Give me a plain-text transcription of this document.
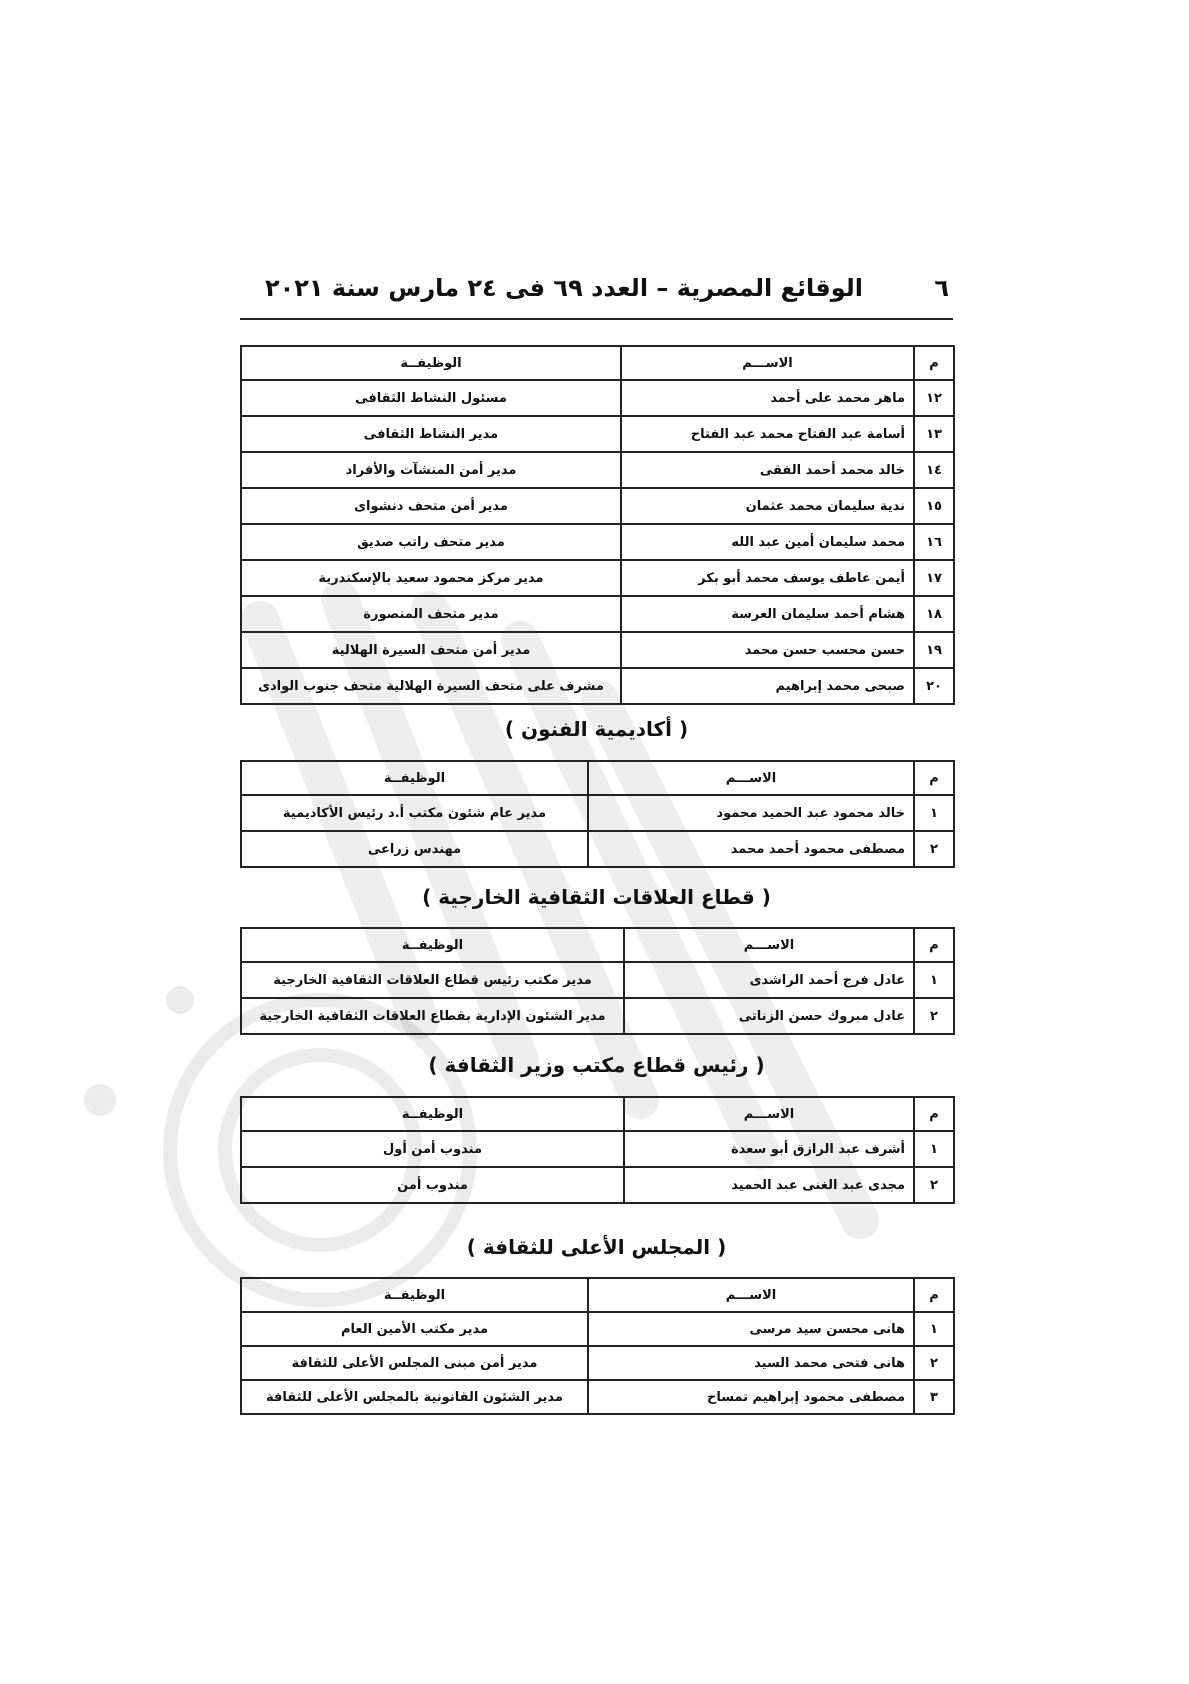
٦
الوقائع المصرية – العدد ٦٩ فى ٢٤ مارس سنة ٢٠٢١
م	الاســـم	الوظيفــة
١٢	ماهر محمد على أحمد	مسئول النشاط الثقافى
١٣	أسامة عبد الفتاح محمد عبد الفتاح	مدير النشاط الثقافى
١٤	خالد محمد أحمد الفقى	مدير أمن المنشآت والأفراد
١٥	ندية سليمان محمد عثمان	مدير أمن متحف دنشواى
١٦	محمد سليمان أمين عبد الله	مدير متحف راتب صديق
١٧	أيمن عاطف يوسف محمد أبو بكر	مدير مركز محمود سعيد بالإسكندرية
١٨	هشام أحمد سليمان العرسة	مدير متحف المنصورة
١٩	حسن محسب حسن محمد	مدير أمن متحف السيرة الهلالية
٢٠	صبحى محمد إبراهيم	مشرف على متحف السيرة الهلالية متحف جنوب الوادى
( أكاديمية الفنون )
م	الاســـم	الوظيفــة
١	خالد محمود عبد الحميد محمود	مدير عام شئون مكتب أ.د رئيس الأكاديمية
٢	مصطفى محمود أحمد محمد	مهندس زراعى
( قطاع العلاقات الثقافية الخارجية )
م	الاســـم	الوظيفــة
١	عادل فرج أحمد الراشدى	مدير مكتب رئيس قطاع العلاقات الثقافية الخارجية
٢	عادل مبروك حسن الزناتى	مدير الشئون الإدارية بقطاع العلاقات الثقافية الخارجية
( رئيس قطاع مكتب وزير الثقافة )
م	الاســـم	الوظيفــة
١	أشرف عبد الرازق أبو سعدة	مندوب أمن أول
٢	مجدى عبد الغنى عبد الحميد	مندوب أمن
( المجلس الأعلى للثقافة )
م	الاســـم	الوظيفــة
١	هانى محسن سيد مرسى	مدير مكتب الأمين العام
٢	هانى فتحى محمد السيد	مدير أمن مبنى المجلس الأعلى للثقافة
٣	مصطفى محمود إبراهيم تمساح	مدير الشئون القانونية بالمجلس الأعلى للثقافة
